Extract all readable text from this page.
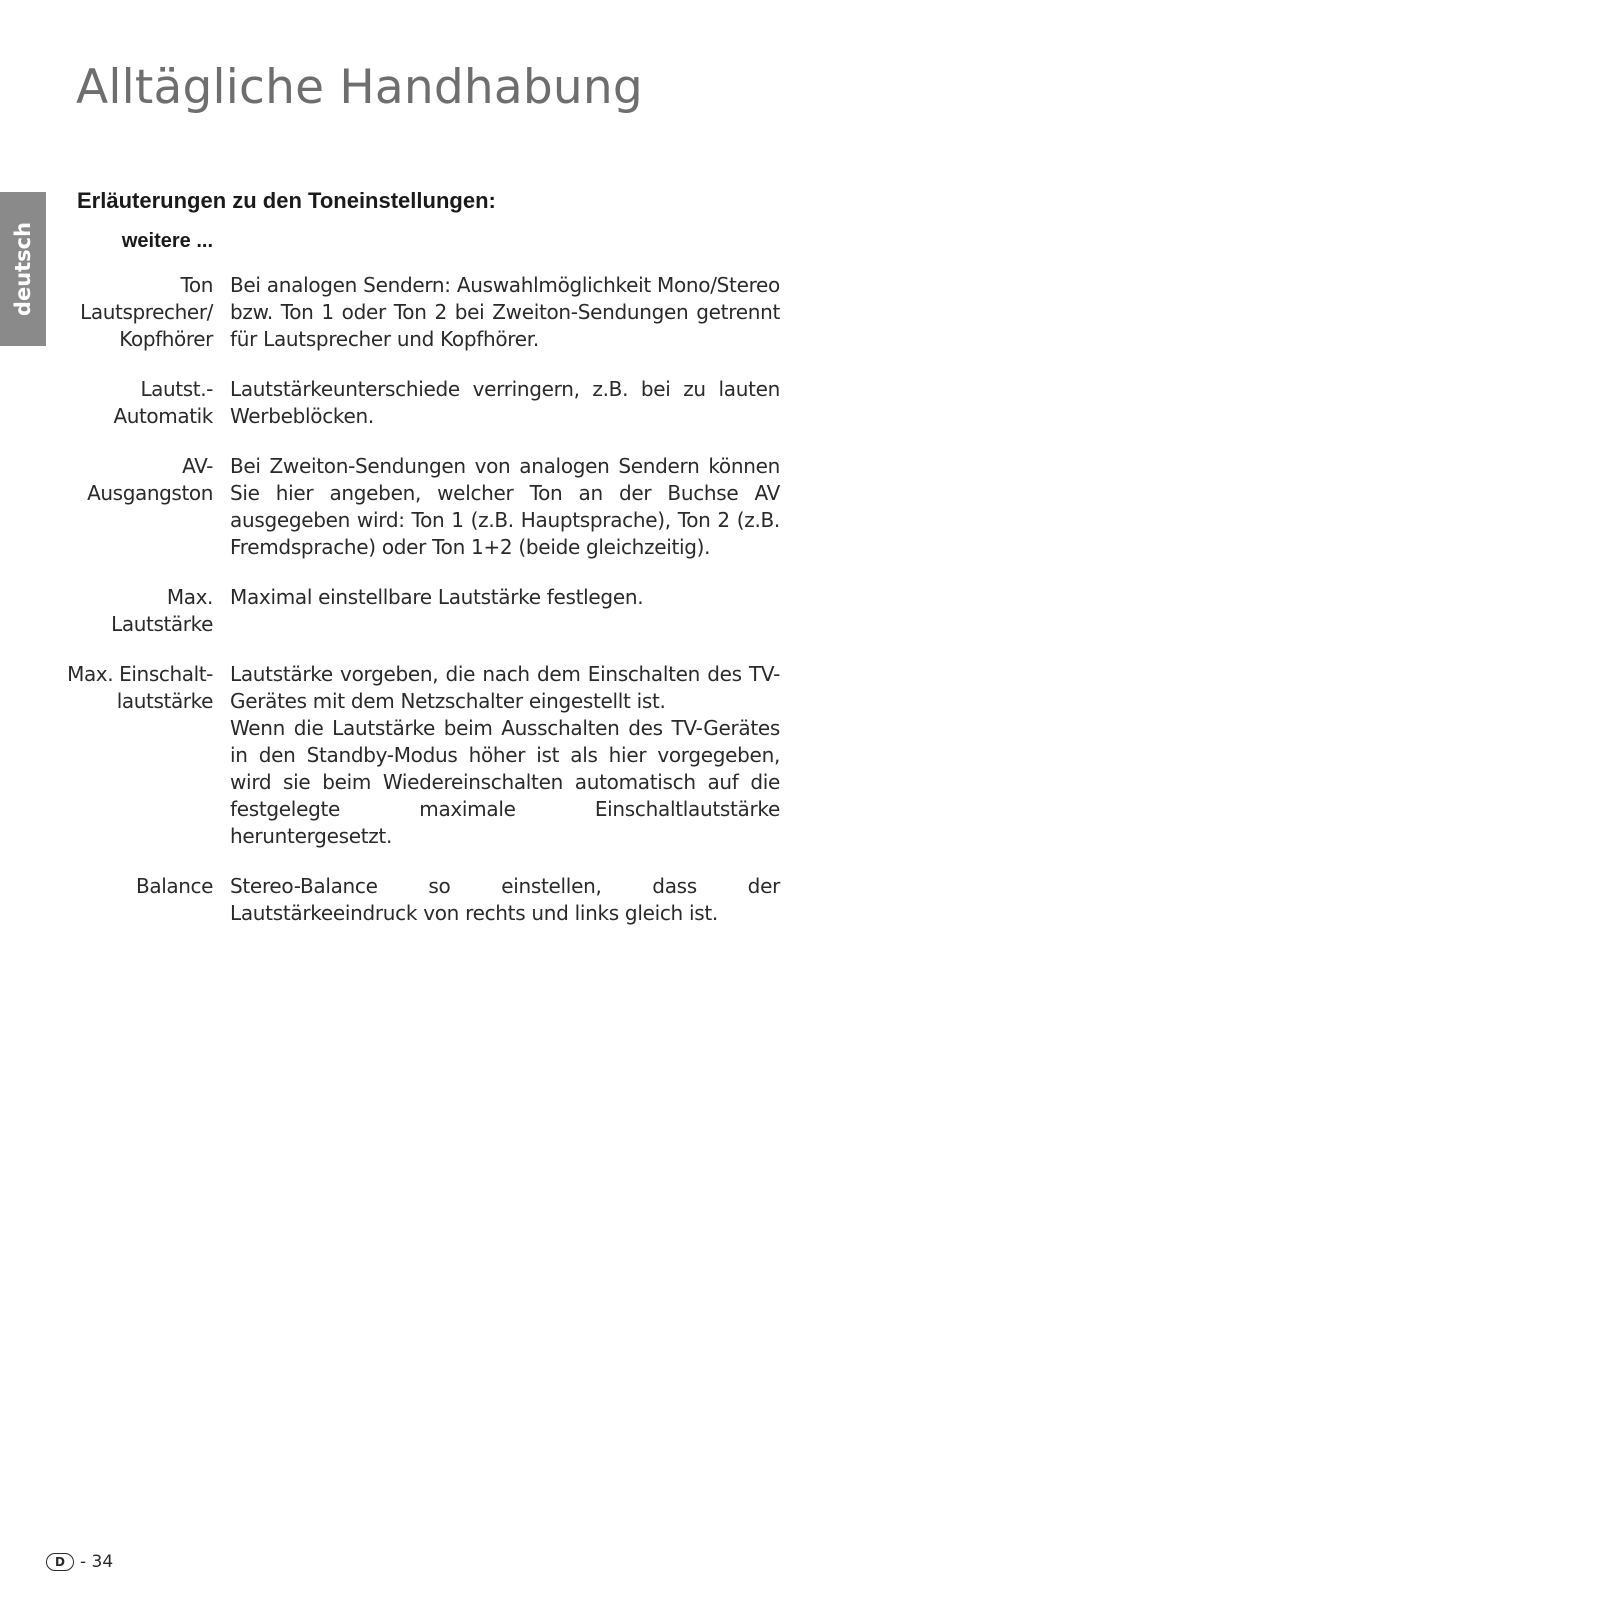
Alltägliche Handhabung
deutsch
Erläuterungen zu den Toneinstellungen:
weitere ...
Ton
Lautsprecher/
Kopfhörer

Bei analogen Sendern: Auswahlmöglichkeit Mono/Stereo bzw. Ton 1 oder Ton 2 bei Zweiton-Sendungen getrennt für Lautsprecher und Kopfhörer.

Lautst.-
Automatik

Lautstärkeunterschiede verringern, z.B. bei zu lauten Werbeblöcken.

AV-
Ausgangston

Bei Zweiton-Sendungen von analogen Sendern können Sie hier angeben, welcher Ton an der Buchse AV ausgegeben wird: Ton 1 (z.B. Hauptsprache), Ton 2 (z.B. Fremdsprache) oder Ton 1+2 (beide gleichzeitig).

Max. Lautstärke

Maximal einstellbare Lautstärke festlegen.

Max. Einschalt-
lautstärke

Lautstärke vorgeben, die nach dem Einschalten des TV-Gerätes mit dem Netzschalter eingestellt ist.

Wenn die Lautstärke beim Ausschalten des TV-Gerätes in den Standby-Modus höher ist als hier vorgegeben, wird sie beim Wiedereinschalten automatisch auf die festgelegte maximale Einschaltlautstärke heruntergesetzt.

Balance Stereo-Balance so einstellen, dass der Lautstärkeeindruck von rechts und links gleich ist.

D - 34
